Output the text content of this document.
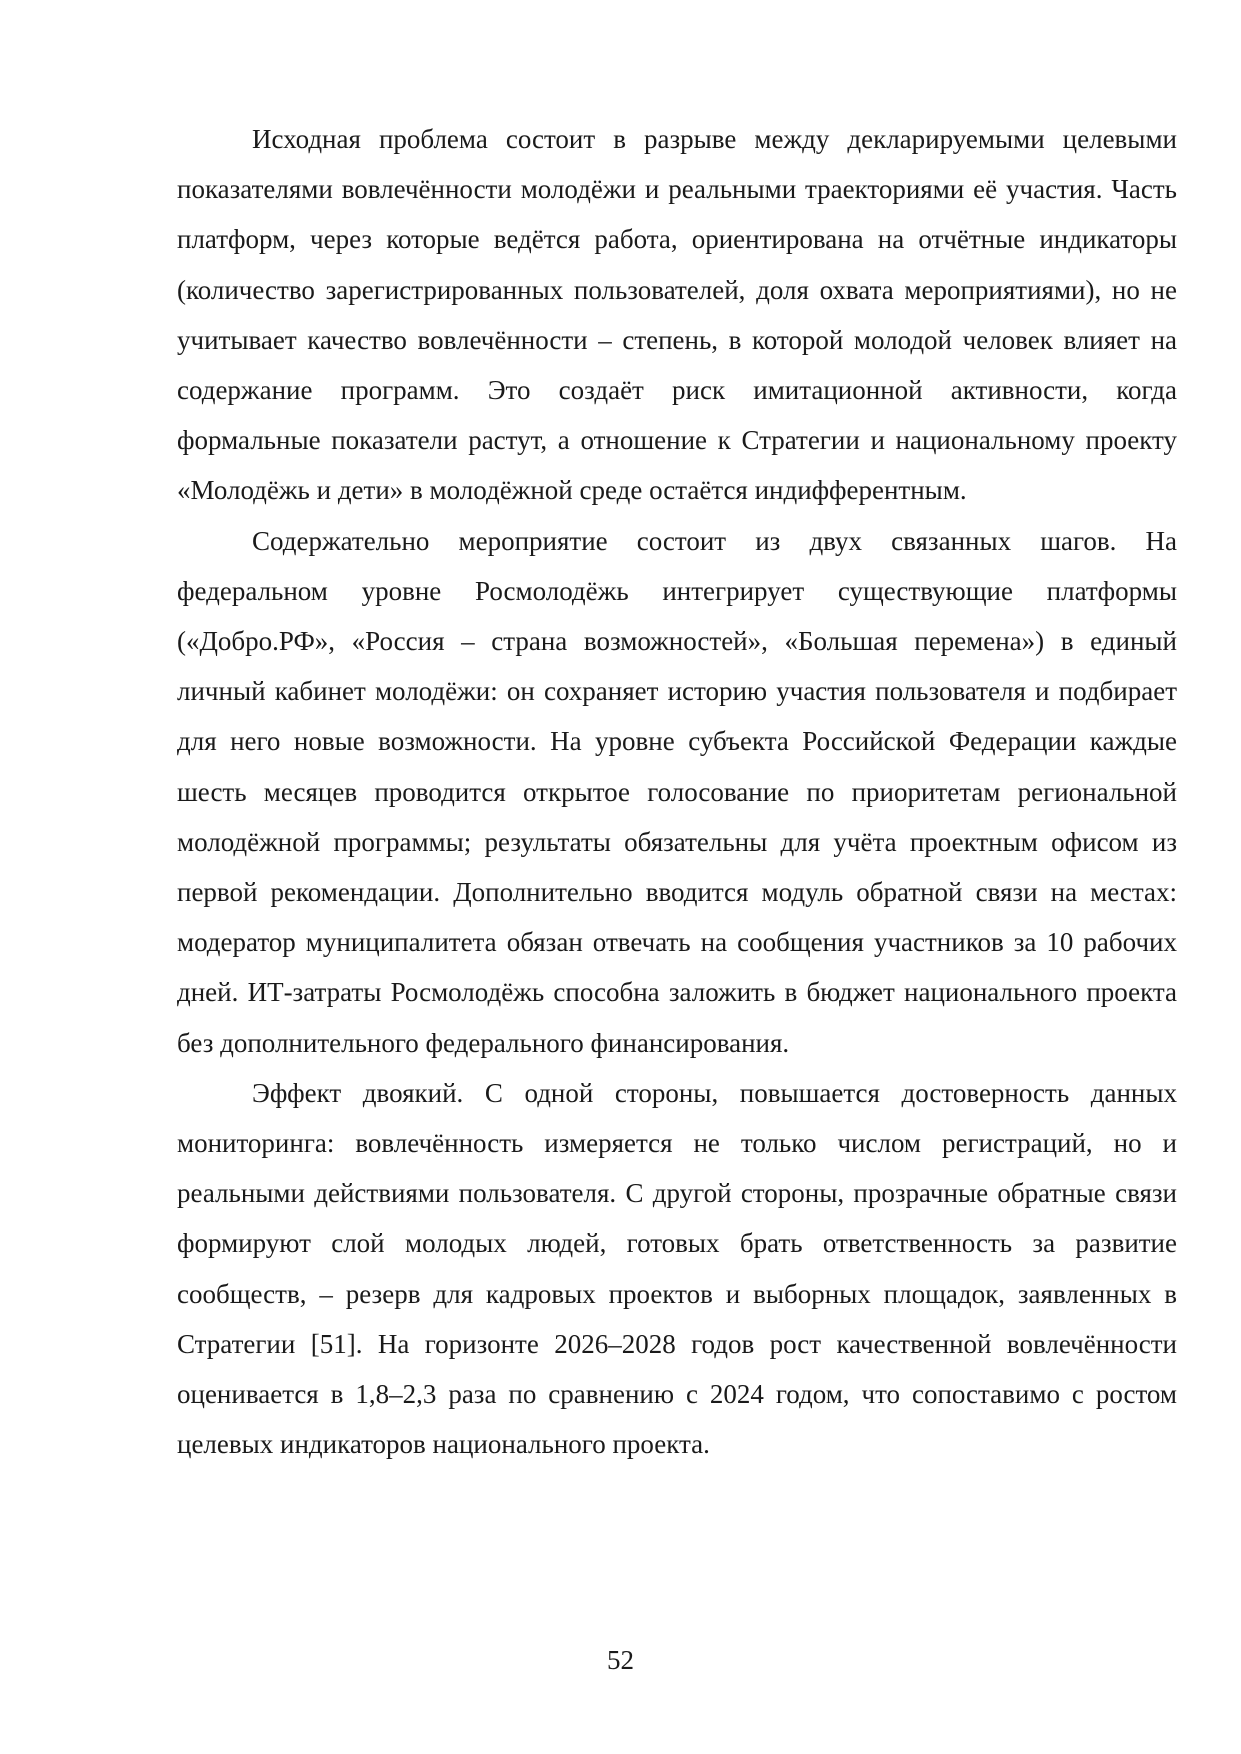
Исходная проблема состоит в разрыве между декларируемыми целевыми показателями вовлечённости молодёжи и реальными траекториями её участия. Часть платформ, через которые ведётся работа, ориентирована на отчётные индикаторы (количество зарегистрированных пользователей, доля охвата мероприятиями), но не учитывает качество вовлечённости – степень, в которой молодой человек влияет на содержание программ. Это создаёт риск имитационной активности, когда формальные показатели растут, а отношение к Стратегии и национальному проекту «Молодёжь и дети» в молодёжной среде остаётся индифферентным.

Содержательно мероприятие состоит из двух связанных шагов. На федеральном уровне Росмолодёжь интегрирует существующие платформы («Добро.РФ», «Россия – страна возможностей», «Большая перемена») в единый личный кабинет молодёжи: он сохраняет историю участия пользователя и подбирает для него новые возможности. На уровне субъекта Российской Федерации каждые шесть месяцев проводится открытое голосование по приоритетам региональной молодёжной программы; результаты обязательны для учёта проектным офисом из первой рекомендации. Дополнительно вводится модуль обратной связи на местах: модератор муниципалитета обязан отвечать на сообщения участников за 10 рабочих дней. ИТ-затраты Росмолодёжь способна заложить в бюджет национального проекта без дополнительного федерального финансирования.

Эффект двоякий. С одной стороны, повышается достоверность данных мониторинга: вовлечённость измеряется не только числом регистраций, но и реальными действиями пользователя. С другой стороны, прозрачные обратные связи формируют слой молодых людей, готовых брать ответственность за развитие сообществ, – резерв для кадровых проектов и выборных площадок, заявленных в Стратегии [51]. На горизонте 2026–2028 годов рост качественной вовлечённости оценивается в 1,8–2,3 раза по сравнению с 2024 годом, что сопоставимо с ростом целевых индикаторов национального проекта.

52
